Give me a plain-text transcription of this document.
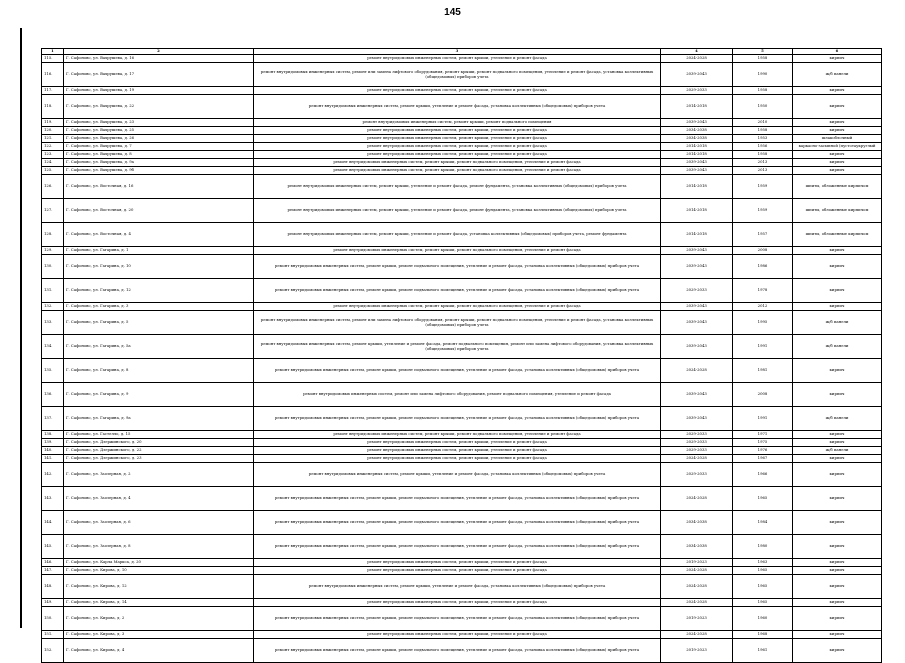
145
1	2	3	4	5	6
115.	Г. Сафоново, ул. Вахрушева, д. 16	ремонт внутридомовых инженерных систем, ремонт крыши, утепление и ремонт фасада	2024-2028	1958	кирпич
116.	Г. Сафоново, ул. Вахрушева, д. 17	ремонт внутридомовых инженерных систем, ремонт или замена лифтового оборудования, ремонт крыши, ремонт подвального помещения, утепление и ремонт фасада, установка коллективных (общедомовых) приборов учета	2039-2043	1990	ж/б панели
117.	Г. Сафоново, ул. Вахрушева, д. 19	ремонт внутридомовых инженерных систем, ремонт крыши, утепление и ремонт фасада	2029-2033	1958	кирпич
118.	Г. Сафоново, ул. Вахрушева, д. 22	ремонт внутридомовых инженерных систем, ремонт крыши, утепление и ремонт фасада, установка коллективных (общедомовых) приборов учета	2014-2018	1950	кирпич
119.	Г. Сафоново, ул. Вахрушева, д. 23	ремонт внутридомовых инженерных систем, ремонт крыши, ремонт подвального помещения	2039-2043	2010	кирпич
120.	Г. Сафоново, ул. Вахрушева, д. 25	ремонт внутридомовых инженерных систем, ремонт крыши, утепление и ремонт фасада	2034-2038	1958	кирпич
121.	Г. Сафоново, ул. Вахрушева, д. 26	ремонт внутридомовых инженерных систем, ремонт крыши, утепление и ремонт фасада	2034-2038	1953	шлакоблочный
122.	Г. Сафоново, ул. Вахрушева, д. 7	ремонт внутридомовых инженерных систем, ремонт крыши, утепление и ремонт фасада	2014-2018	1956	каркасно-засыпной (пустотаукруглый
123.	Г. Сафоново, ул. Вахрушева, д. 8	ремонт внутридомовых инженерных систем, ремонт крыши, утепление и ремонт фасада	2014-2018	1958	кирпич
124.	Г. Сафоново, ул. Вахрушева, д. 9а	ремонт внутридомовых инженерных систем, ремонт крыши, ремонт подвального помещения, утепление и ремонт фасада	2039-2043	2013	кирпич
125.	Г. Сафоново, ул. Вахрушева, д. 9б	ремонт внутридомовых инженерных систем, ремонт крыши, ремонт подвального помещения, утепление и ремонт фасада	2039-2043	2013	кирпич
126.	Г. Сафоново, ул. Восточная, д. 16	ремонт внутридомовых инженерных систем, ремонт крыши, утепление и ремонт фасада, ремонт фундамента, установка коллективных (общедомовых) приборов учета	2014-2018	1959	шпиты, обложенные кирпичом
127.	Г. Сафоново, ул. Восточная, д. 20	ремонт внутридомовых инженерных систем, ремонт крыши, утепление и ремонт фасада, ремонт фундамента, установка коллективных (общедомовых) приборов учета	2014-2018	1959	шпиты, обложенные кирпичом
128.	Г. Сафоново, ул. Восточная, д. 4	ремонт внутридомовых инженерных систем, ремонт крыши, утепление и ремонт фасада, установка коллективных (общедомовых) приборов учета, ремонт фундамента	2014-2018	1957	шпиты, обложенные кирпичом
129.	Г. Сафоново, ул. Гагарина, д. 1	ремонт внутридомовых инженерных систем, ремонт крыши, ремонт подвального помещения, утепление и ремонт фасада	2039-2043	2008	кирпич
130.	Г. Сафоново, ул. Гагарина, д. 10	ремонт внутридомовых инженерных систем, ремонт крыши, ремонт подвального помещения, утепление и ремонт фасада, установка коллективных (общедомовых) приборов учета	2039-2043	1986	кирпич
131.	Г. Сафоново, ул. Гагарина, д. 12	ремонт внутридомовых инженерных систем, ремонт крыши, ремонт подвального помещения, утепление и ремонт фасада, установка коллективных (общедомовых) приборов учета	2029-2033	1978	кирпич
132.	Г. Сафоново, ул. Гагарина, д. 3	ремонт внутридомовых инженерных систем, ремонт крыши, ремонт подвального помещения, утепление и ремонт фасада	2039-2043	2012	кирпич
133.	Г. Сафоново, ул. Гагарина, д. 5	ремонт внутридомовых инженерных систем, ремонт или замена лифтового оборудования, ремонт крыши, ремонт подвального помещения, утепление и ремонт фасада, установка коллективных (общедомовых) приборов учета	2039-2043	1995	ж/б панели
134.	Г. Сафоново, ул. Гагарина, д. 5а	ремонт внутридомовых инженерных систем, ремонт крыши, утепление и ремонт фасада, ремонт подвального помещения, ремонт или замена лифтового оборудования, установка коллективных (общедомовых) приборов учета	2039-2043	1991	ж/б панели
135.	Г. Сафоново, ул. Гагарина, д. 8	ремонт внутридомовых инженерных систем, ремонт крыши, ремонт подвального помещения, утепление и ремонт фасада, установка коллективных (общедомовых) приборов учета	2024-2028	1981	кирпич
136.	Г. Сафоново, ул. Гагарина, д. 9	ремонт внутридомовых инженерных систем, ремонт или замена лифтового оборудования, ремонт подвального помещения, утепление и ремонт фасада	2039-2043	2008	кирпич
137.	Г. Сафоново, ул. Гагарина, д. 9а	ремонт внутридомовых инженерных систем, ремонт крыши, ремонт подвального помещения, утепление и ремонт фасада, установка коллективных (общедомовых) приборов учета	2039-2043	1991	ж/б панели
138.	Г. Сафоново, ул. Гастелло, д. 15	ремонт внутридомовых инженерных систем, ремонт крыши, ремонт подвального помещения, утепление и ремонт фасада	2029-2033	1971	кирпич
139.	Г. Сафоново, ул. Дзержинского, д. 20	ремонт внутридомовых инженерных систем, ремонт крыши, утепление и ремонт фасада	2029-2033	1975	кирпич
140.	Г. Сафоново, ул. Дзержинского, д. 22	ремонт внутридомовых инженерных систем, ремонт крыши, утепление и ремонт фасада	2029-2033	1976	ж/б панели
141.	Г. Сафоново, ул. Дзержинского, д. 23	ремонт внутридомовых инженерных систем, ремонт крыши, утепление и ремонт фасада	2024-2028	1967	кирпич
142.	Г. Сафоново, ул. Заозерная, д. 2	ремонт внутридомовых инженерных систем, ремонт крыши, утепление и ремонт фасада, установка коллективных (общедомовых) приборов учета	2029-2033	1966	кирпич
143.	Г. Сафоново, ул. Заозерная, д. 4	ремонт внутридомовых инженерных систем, ремонт крыши, ремонт подвального помещения, утепление и ремонт фасада, установка коллективных (общедомовых) приборов учета	2024-2028	1965	кирпич
144.	Г. Сафоново, ул. Заозерная, д. 6	ремонт внутридомовых инженерных систем, ремонт крыши, ремонт подвального помещения, утепление и ремонт фасада, установка коллективных (общедомовых) приборов учета	2034-2038	1984	кирпич
145.	Г. Сафоново, ул. Заозерная, д. 8	ремонт внутридомовых инженерных систем, ремонт крыши, ремонт подвального помещения, утепление и ремонт фасада, установка коллективных (общедомовых) приборов учета	2034-2038	1980	кирпич
146.	Г. Сафоново, ул. Карла Маркса, д. 20	ремонт внутридомовых инженерных систем, ремонт крыши, утепление и ремонт фасада	2019-2023	1963	кирпич
147.	Г. Сафоново, ул. Кирова, д. 10	ремонт внутридомовых инженерных систем, ремонт крыши, утепление и ремонт фасада	2024-2028	1965	кирпич
148.	Г. Сафоново, ул. Кирова, д. 12	ремонт внутридомовых инженерных систем, ремонт крыши, утепление и ремонт фасада, установка коллективных (общедомовых) приборов учета	2024-2028	1965	кирпич
149.	Г. Сафоново, ул. Кирова, д. 14	ремонт внутридомовых инженерных систем, ремонт крыши, утепление и ремонт фасада	2024-2028	1965	кирпич
150.	Г. Сафоново, ул. Кирова, д. 2	ремонт внутридомовых инженерных систем, ремонт крыши, ремонт подвального помещения, утепление и ремонт фасада, установка коллективных (общедомовых) приборов учета	2019-2023	1960	кирпич
151.	Г. Сафоново, ул. Кирова, д. 3	ремонт внутридомовых инженерных систем, ремонт крыши, утепление и ремонт фасада	2024-2028	1968	кирпич
152.	Г. Сафоново, ул. Кирова, д. 4	ремонт внутридомовых инженерных систем, ремонт крыши, ремонт подвального помещения, утепление и ремонт фасада, установка коллективных (общедомовых) приборов учета	2019-2023	1961	кирпич
